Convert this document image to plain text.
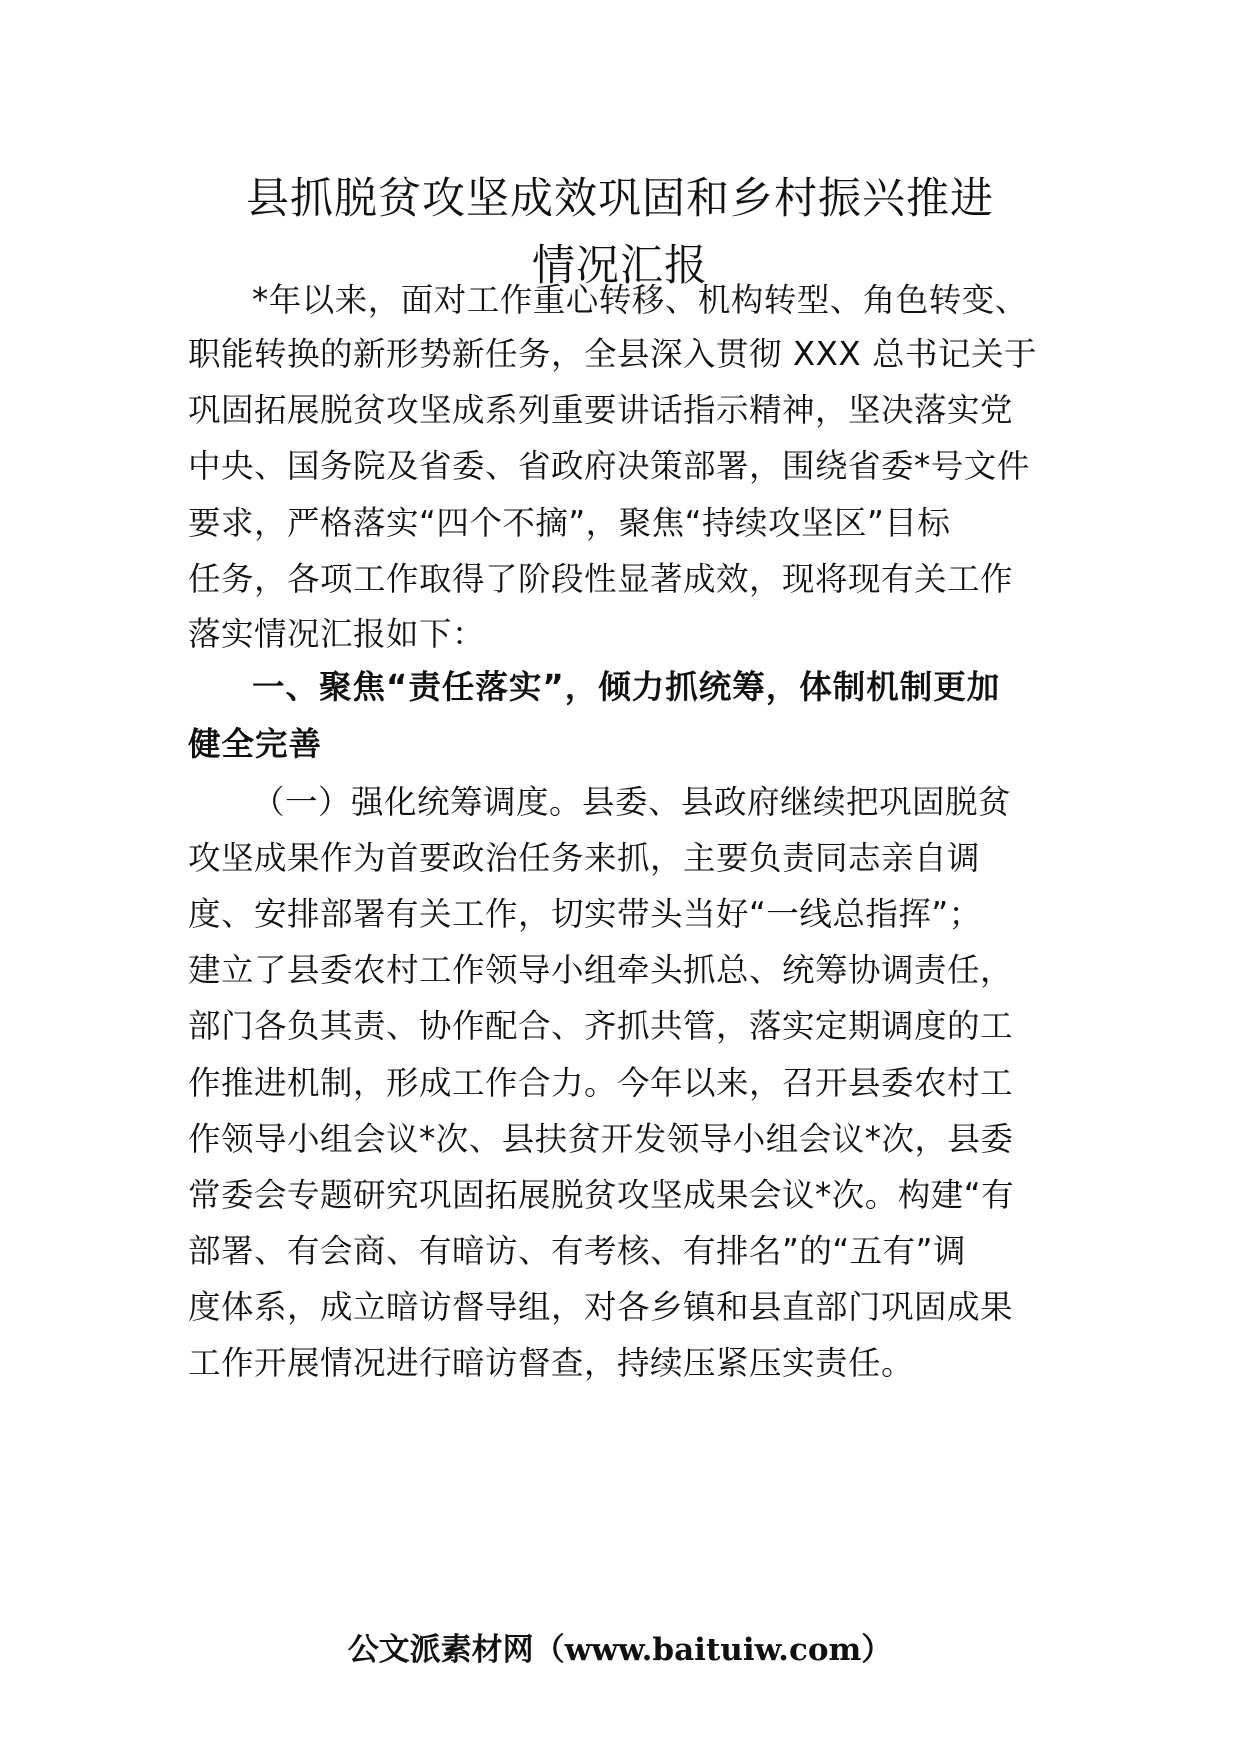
县抓脱贫攻坚成效巩固和乡村振兴推进
情况汇报
*年以来，面对工作重心转移、机构转型、角色转变、
职能转换的新形势新任务，全县深入贯彻 XXX 总书记关于
巩固拓展脱贫攻坚成系列重要讲话指示精神，坚决落实党
中央、国务院及省委、省政府决策部署，围绕省委*号文件
要求，严格落实“四个不摘”，聚焦“持续攻坚区”目标
任务，各项工作取得了阶段性显著成效，现将现有关工作
落实情况汇报如下：
一、聚焦“责任落实”，倾力抓统筹，体制机制更加
健全完善
（一）强化统筹调度。县委、县政府继续把巩固脱贫
攻坚成果作为首要政治任务来抓，主要负责同志亲自调
度、安排部署有关工作，切实带头当好“一线总指挥”；
建立了县委农村工作领导小组牵头抓总、统筹协调责任，
部门各负其责、协作配合、齐抓共管，落实定期调度的工
作推进机制，形成工作合力。今年以来，召开县委农村工
作领导小组会议*次、县扶贫开发领导小组会议*次，县委
常委会专题研究巩固拓展脱贫攻坚成果会议*次。构建“有
部署、有会商、有暗访、有考核、有排名”的“五有”调
度体系，成立暗访督导组，对各乡镇和县直部门巩固成果
工作开展情况进行暗访督查，持续压紧压实责任。
公文派素材网（www.baituiw.com）
